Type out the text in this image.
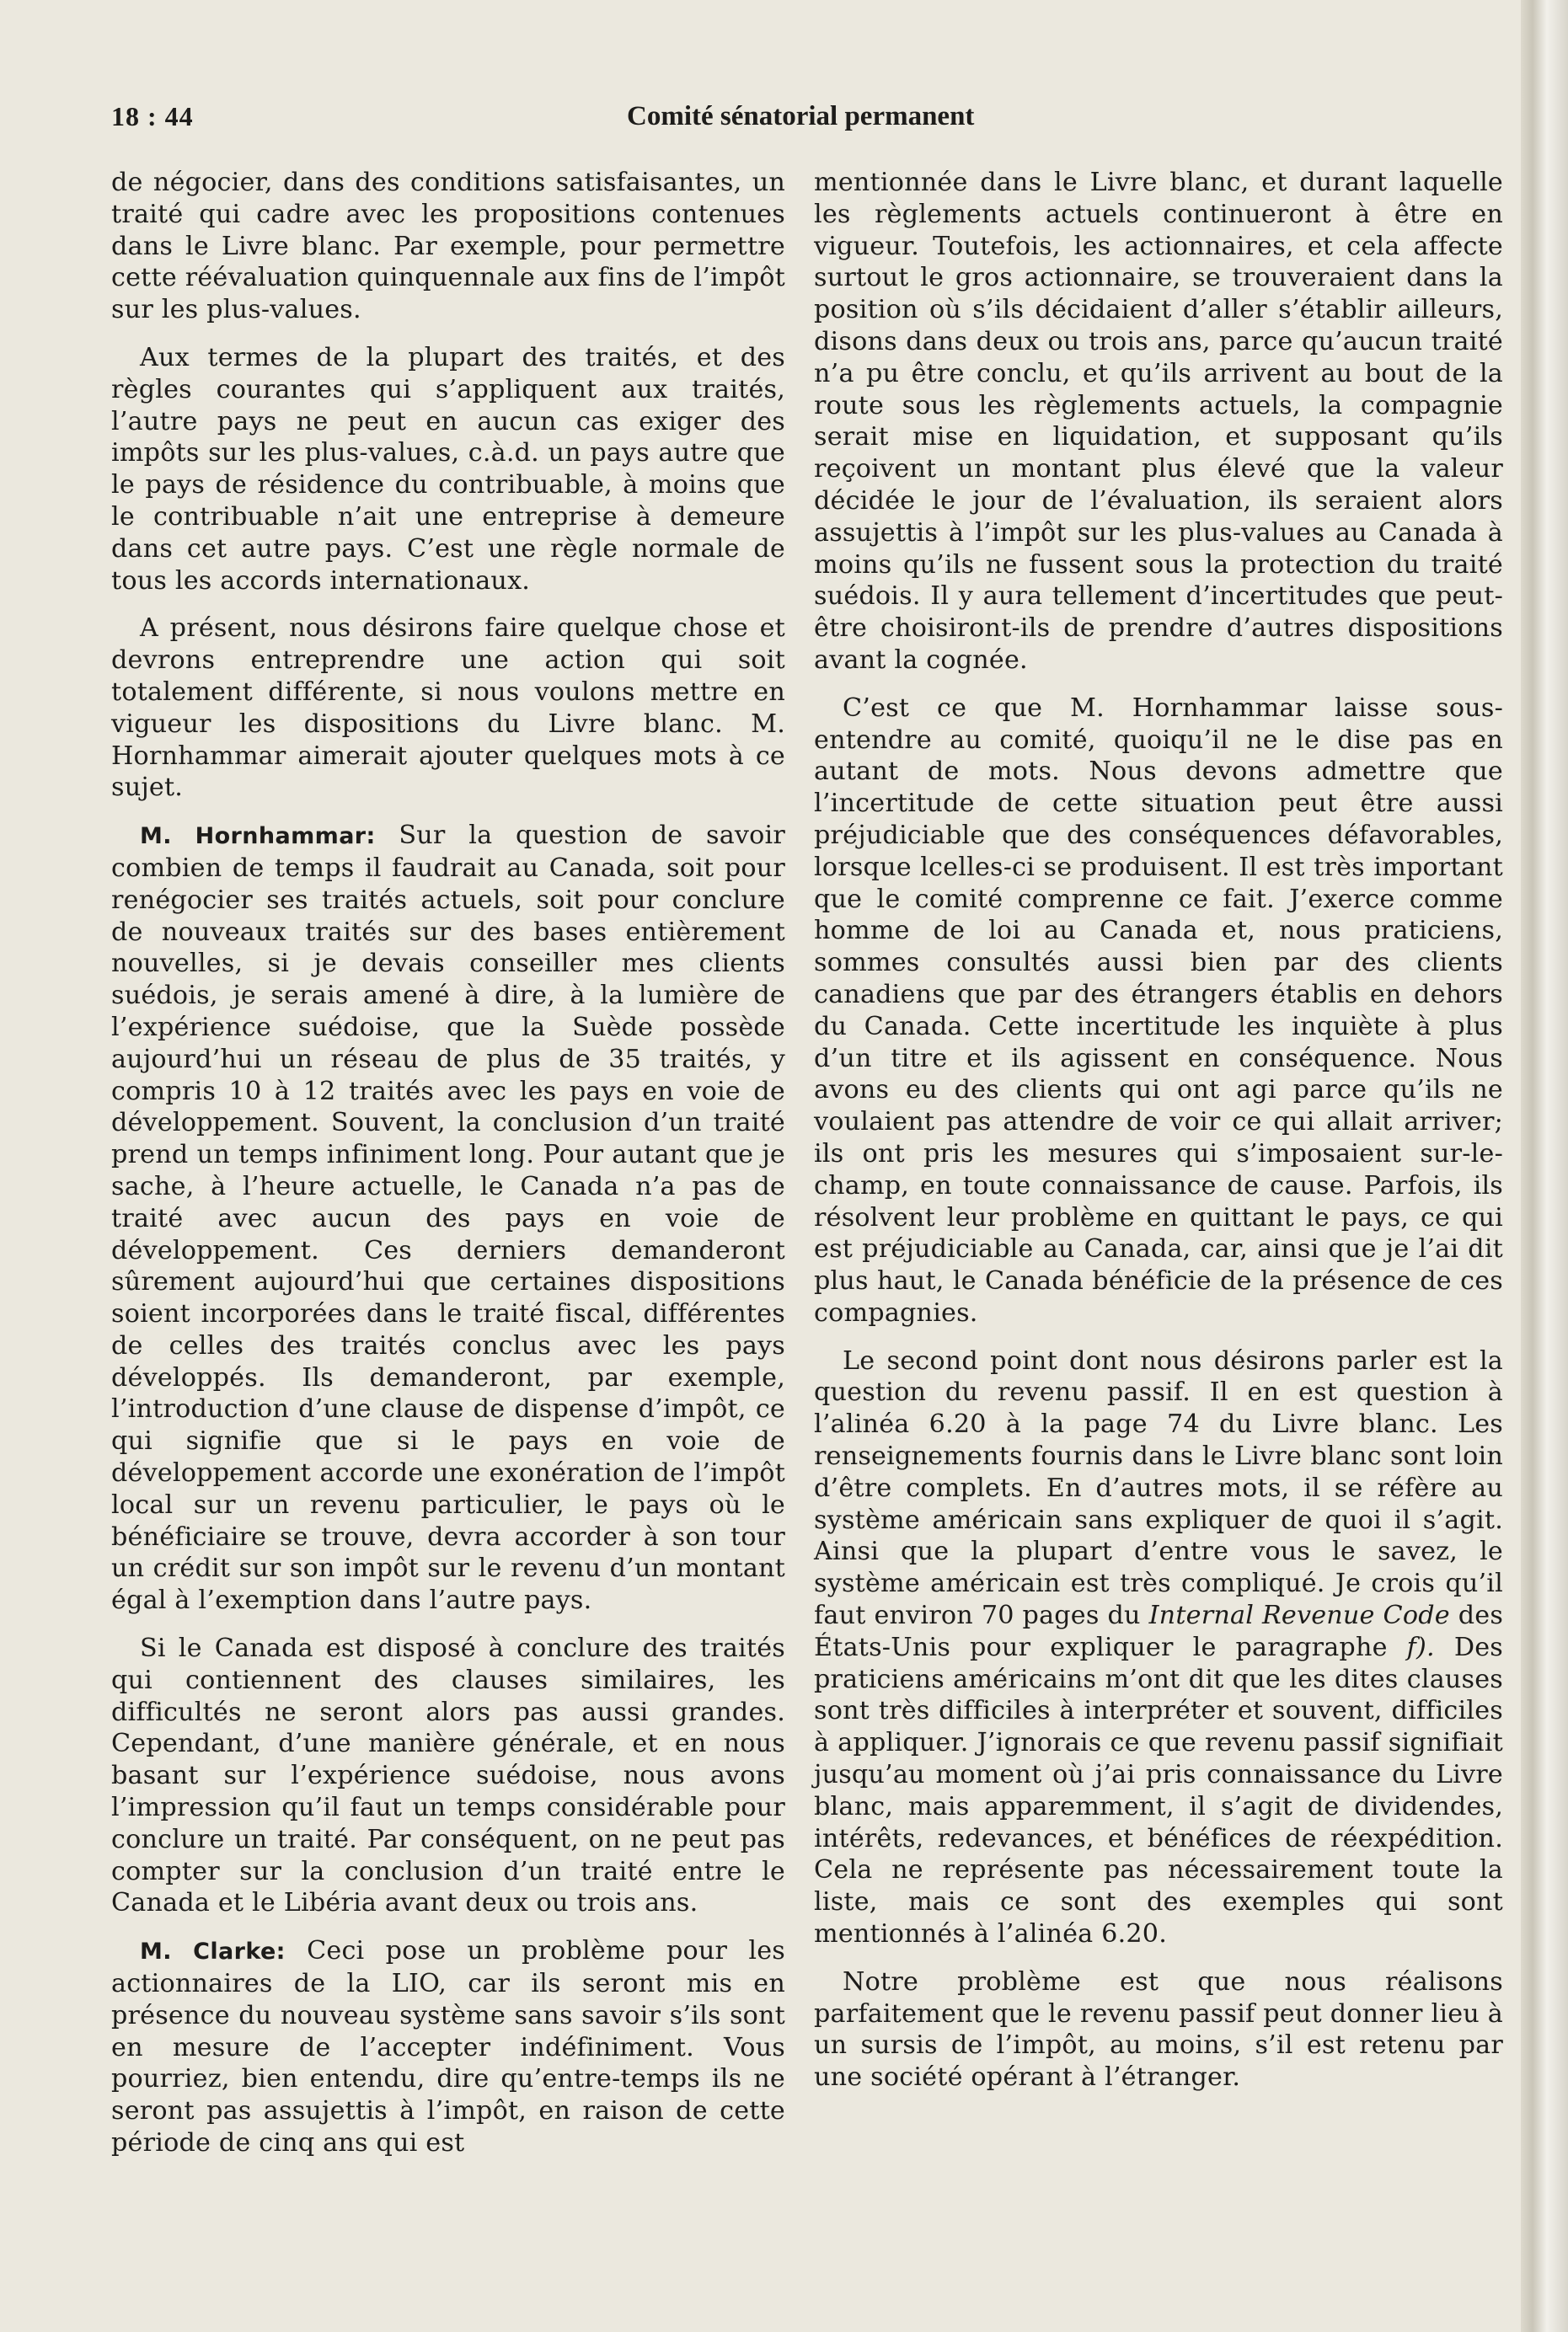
18 : 44	Comité sénatorial permanent

de négocier, dans des conditions satisfaisantes, un traité qui cadre avec les propositions contenues dans le Livre blanc. Par exemple, pour permettre cette réévaluation quinquennale aux fins de l’impôt sur les plus-values.

Aux termes de la plupart des traités, et des règles courantes qui s’appliquent aux traités, l’autre pays ne peut en aucun cas exiger des impôts sur les plus-values, c.à.d. un pays autre que le pays de résidence du contribuable, à moins que le contribuable n’ait une entreprise à demeure dans cet autre pays. C’est une règle normale de tous les accords internationaux.

A présent, nous désirons faire quelque chose et devrons entreprendre une action qui soit totalement différente, si nous voulons mettre en vigueur les dispositions du Livre blanc. M. Hornhammar aimerait ajouter quelques mots à ce sujet.

M. Hornhammar: Sur la question de savoir combien de temps il faudrait au Canada, soit pour renégocier ses traités actuels, soit pour conclure de nouveaux traités sur des bases entièrement nouvelles, si je devais conseiller mes clients suédois, je serais amené à dire, à la lumière de l’expérience suédoise, que la Suède possède aujourd’hui un réseau de plus de 35 traités, y compris 10 à 12 traités avec les pays en voie de développement. Souvent, la conclusion d’un traité prend un temps infiniment long. Pour autant que je sache, à l’heure actuelle, le Canada n’a pas de traité avec aucun des pays en voie de développement. Ces derniers demanderont sûrement aujourd’hui que certaines dispositions soient incorporées dans le traité fiscal, différentes de celles des traités conclus avec les pays développés. Ils demanderont, par exemple, l’introduction d’une clause de dispense d’impôt, ce qui signifie que si le pays en voie de développement accorde une exonération de l’impôt local sur un revenu particulier, le pays où le bénéficiaire se trouve, devra accorder à son tour un crédit sur son impôt sur le revenu d’un montant égal à l’exemption dans l’autre pays.

Si le Canada est disposé à conclure des traités qui contiennent des clauses similaires, les difficultés ne seront alors pas aussi grandes. Cependant, d’une manière générale, et en nous basant sur l’expérience suédoise, nous avons l’impression qu’il faut un temps considérable pour conclure un traité. Par conséquent, on ne peut pas compter sur la conclusion d’un traité entre le Canada et le Libéria avant deux ou trois ans.

M. Clarke: Ceci pose un problème pour les actionnaires de la LIO, car ils seront mis en présence du nouveau système sans savoir s’ils sont en mesure de l’accepter indéfiniment. Vous pourriez, bien entendu, dire qu’entre-temps ils ne seront pas assujettis à l’impôt, en raison de cette période de cinq ans qui est

mentionnée dans le Livre blanc, et durant laquelle les règlements actuels continueront à être en vigueur. Toutefois, les actionnaires, et cela affecte surtout le gros actionnaire, se trouveraient dans la position où s’ils décidaient d’aller s’établir ailleurs, disons dans deux ou trois ans, parce qu’aucun traité n’a pu être conclu, et qu’ils arrivent au bout de la route sous les règlements actuels, la compagnie serait mise en liquidation, et supposant qu’ils reçoivent un montant plus élevé que la valeur décidée le jour de l’évaluation, ils seraient alors assujettis à l’impôt sur les plus-values au Canada à moins qu’ils ne fussent sous la protection du traité suédois. Il y aura tellement d’incertitudes que peut-être choisiront-ils de prendre d’autres dispositions avant la cognée.

C’est ce que M. Hornhammar laisse sous-entendre au comité, quoiqu’il ne le dise pas en autant de mots. Nous devons admettre que l’incertitude de cette situation peut être aussi préjudiciable que des conséquences défavorables, lorsque lcelles-ci se produisent. Il est très important que le comité comprenne ce fait. J’exerce comme homme de loi au Canada et, nous praticiens, sommes consultés aussi bien par des clients canadiens que par des étrangers établis en dehors du Canada. Cette incertitude les inquiète à plus d’un titre et ils agissent en conséquence. Nous avons eu des clients qui ont agi parce qu’ils ne voulaient pas attendre de voir ce qui allait arriver; ils ont pris les mesures qui s’imposaient sur-le-champ, en toute connaissance de cause. Parfois, ils résolvent leur problème en quittant le pays, ce qui est préjudiciable au Canada, car, ainsi que je l’ai dit plus haut, le Canada bénéficie de la présence de ces compagnies.

Le second point dont nous désirons parler est la question du revenu passif. Il en est question à l’alinéa 6.20 à la page 74 du Livre blanc. Les renseignements fournis dans le Livre blanc sont loin d’être complets. En d’autres mots, il se réfère au système américain sans expliquer de quoi il s’agit. Ainsi que la plupart d’entre vous le savez, le système américain est très compliqué. Je crois qu’il faut environ 70 pages du Internal Revenue Code des États-Unis pour expliquer le paragraphe f). Des praticiens américains m’ont dit que les dites clauses sont très difficiles à interpréter et souvent, difficiles à appliquer. J’ignorais ce que revenu passif signifiait jusqu’au moment où j’ai pris connaissance du Livre blanc, mais apparemment, il s’agit de dividendes, intérêts, redevances, et bénéfices de réexpédition. Cela ne représente pas nécessairement toute la liste, mais ce sont des exemples qui sont mentionnés à l’alinéa 6.20.

Notre problème est que nous réalisons parfaitement que le revenu passif peut donner lieu à un sursis de l’impôt, au moins, s’il est retenu par une société opérant à l’étranger.
